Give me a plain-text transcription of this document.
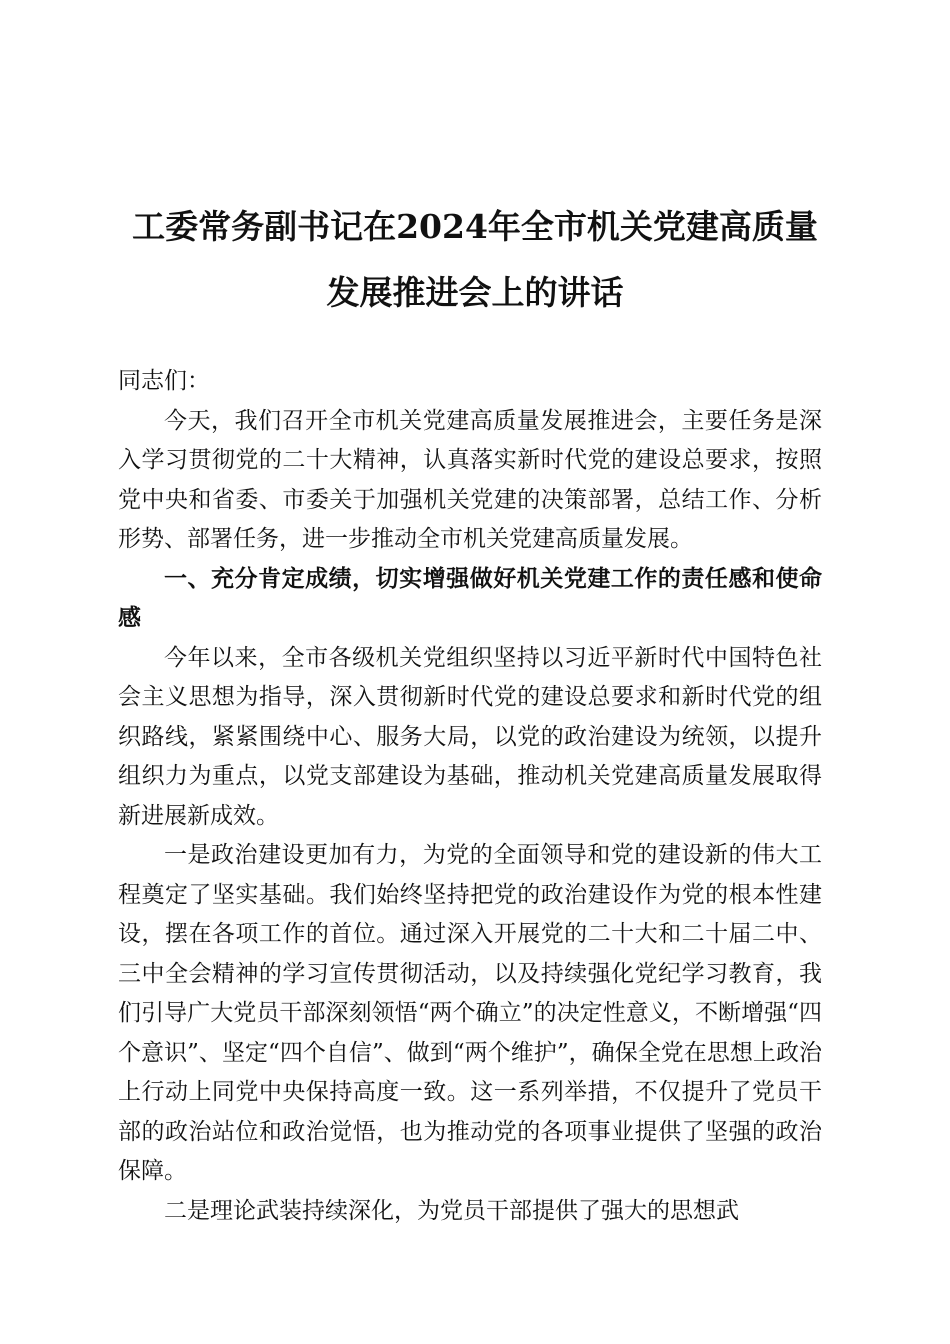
工委常务副书记在2024年全市机关党建高质量发展推进会上的讲话

同志们：

今天，我们召开全市机关党建高质量发展推进会，主要任务是深入学习贯彻党的二十大精神，认真落实新时代党的建设总要求，按照党中央和省委、市委关于加强机关党建的决策部署，总结工作、分析形势、部署任务，进一步推动全市机关党建高质量发展。

一、充分肯定成绩，切实增强做好机关党建工作的责任感和使命感

今年以来，全市各级机关党组织坚持以习近平新时代中国特色社会主义思想为指导，深入贯彻新时代党的建设总要求和新时代党的组织路线，紧紧围绕中心、服务大局，以党的政治建设为统领，以提升组织力为重点，以党支部建设为基础，推动机关党建高质量发展取得新进展新成效。

一是政治建设更加有力，为党的全面领导和党的建设新的伟大工程奠定了坚实基础。我们始终坚持把党的政治建设作为党的根本性建设，摆在各项工作的首位。通过深入开展党的二十大和二十届二中、三中全会精神的学习宣传贯彻活动，以及持续强化党纪学习教育，我们引导广大党员干部深刻领悟“两个确立”的决定性意义，不断增强“四个意识”、坚定“四个自信”、做到“两个维护”，确保全党在思想上政治上行动上同党中央保持高度一致。这一系列举措，不仅提升了党员干部的政治站位和政治觉悟，也为推动党的各项事业提供了坚强的政治保障。

二是理论武装持续深化，为党员干部提供了强大的思想武
